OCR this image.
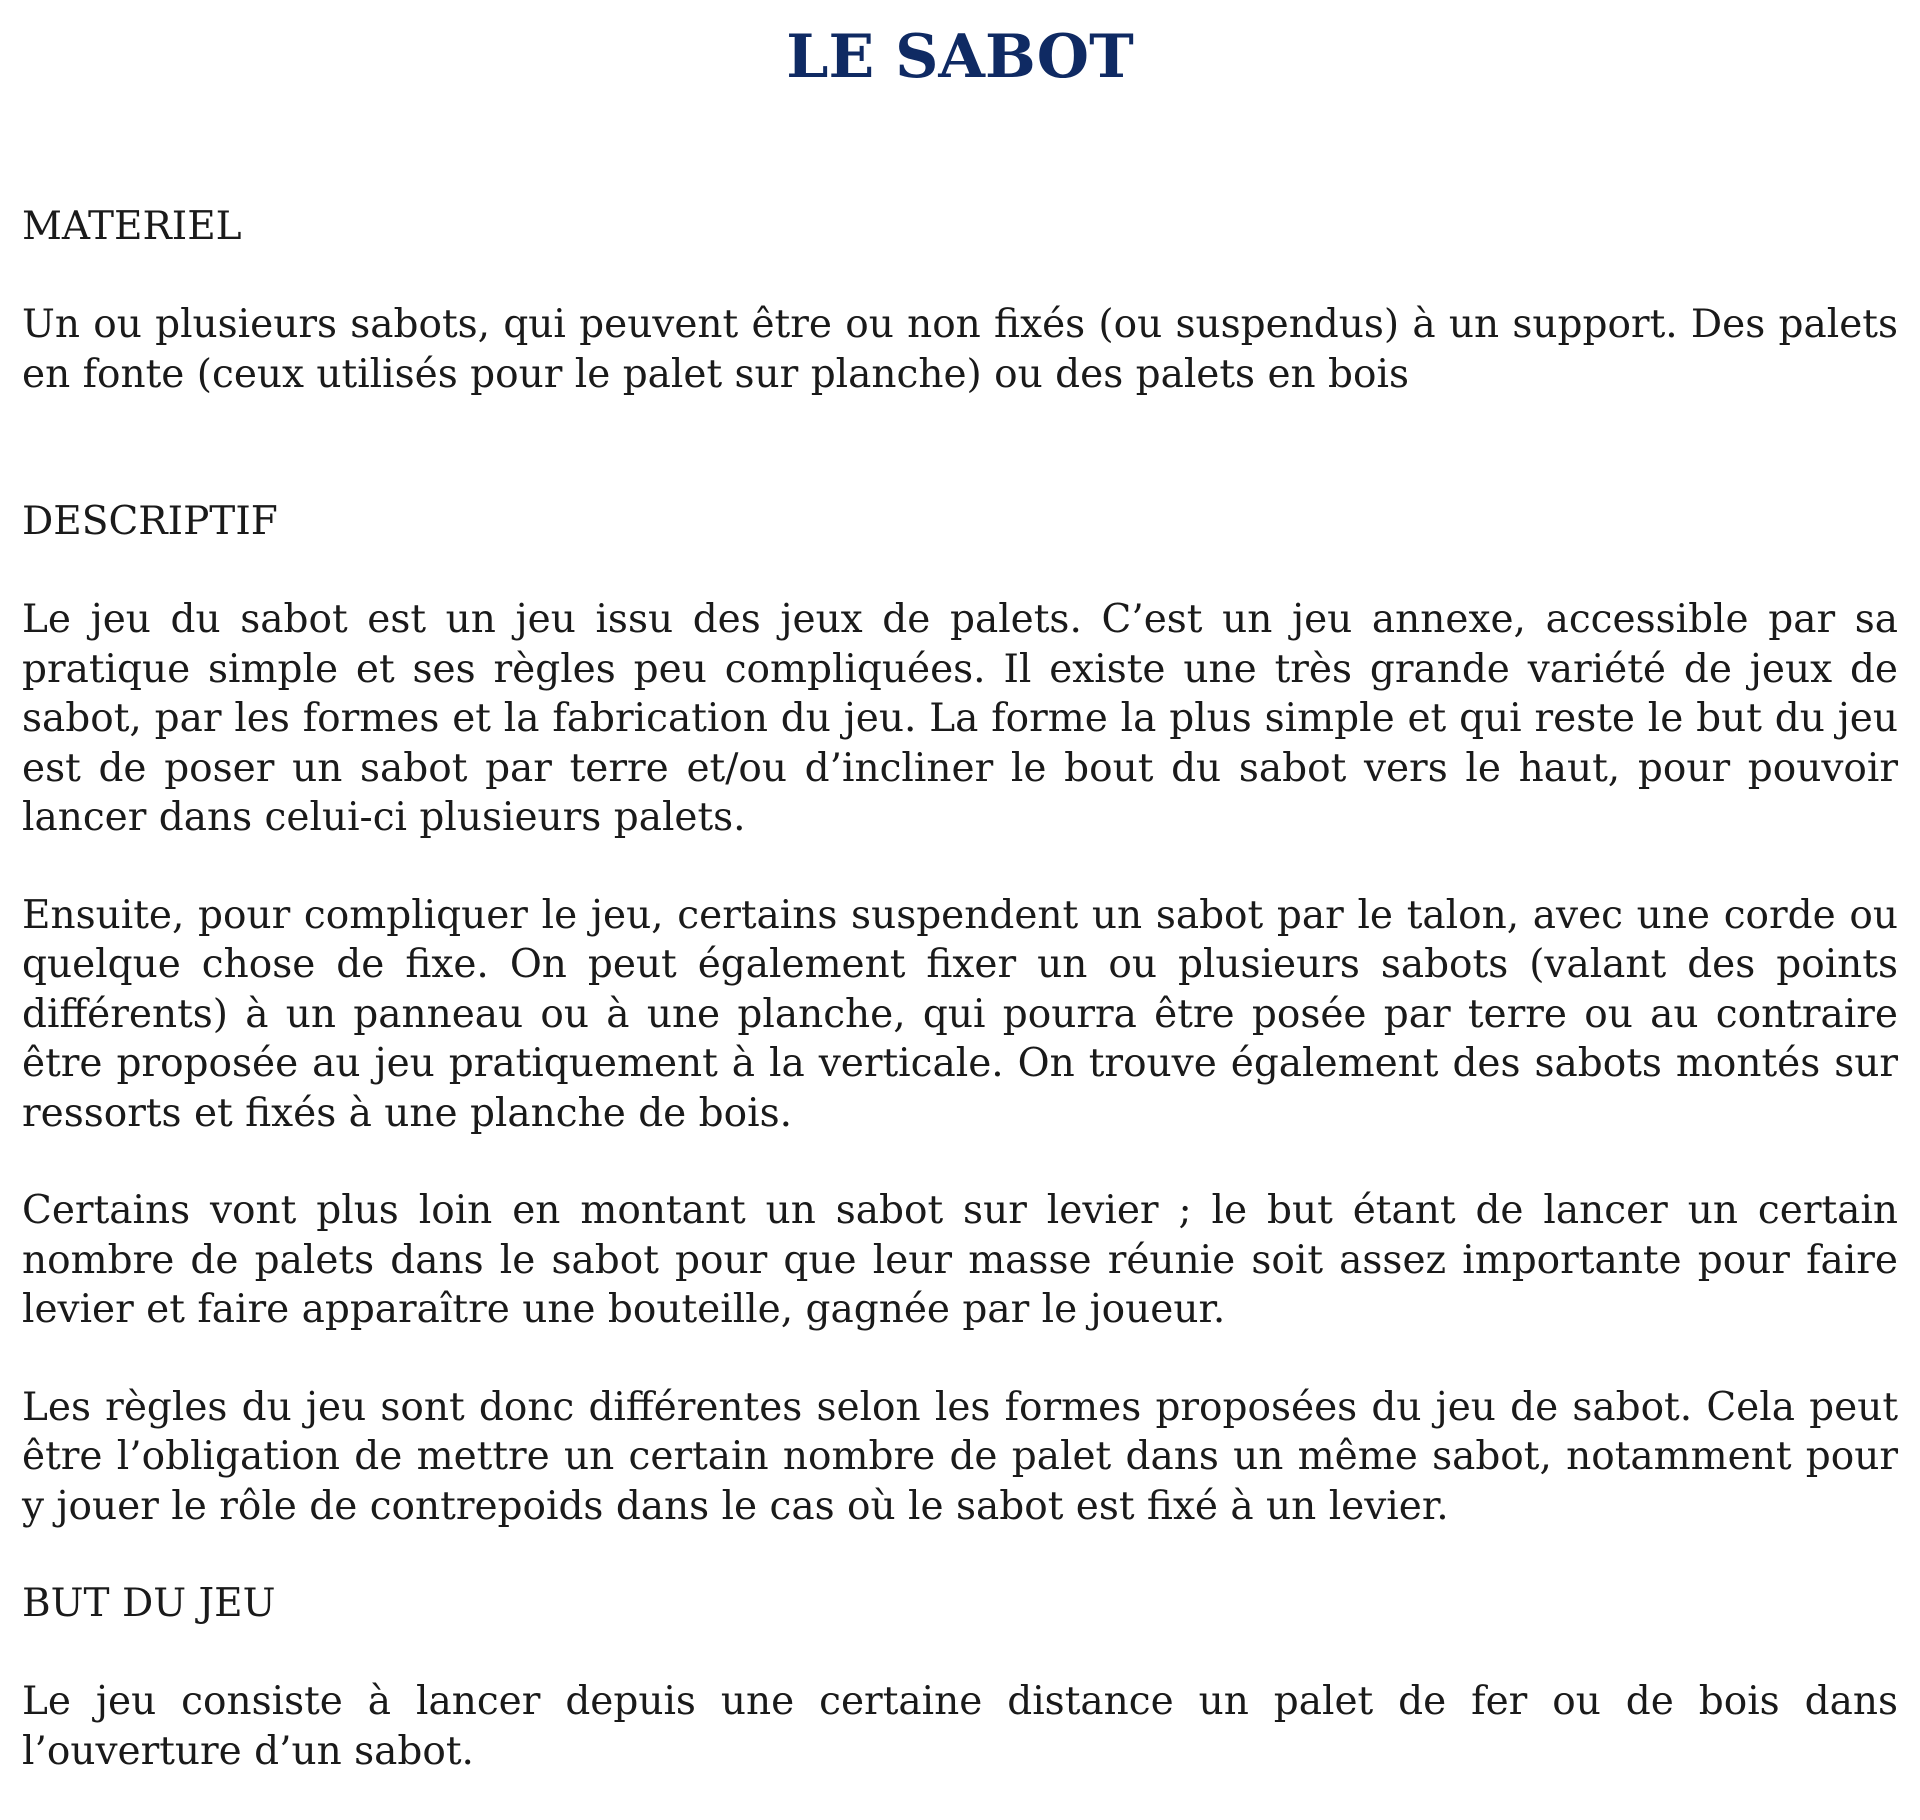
LE SABOT
MATERIEL

Un ou plusieurs sabots, qui peuvent être ou non fixés (ou suspendus) à un support. Des palets en fonte (ceux utilisés pour le palet sur planche) ou des palets en bois

DESCRIPTIF

Le jeu du sabot est un jeu issu des jeux de palets. C’est un jeu annexe, accessible par sa pratique simple et ses règles peu compliquées. Il existe une très grande variété de jeux de sabot, par les formes et la fabrication du jeu. La forme la plus simple et qui reste le but du jeu est de poser un sabot par terre et/ou d’incliner le bout du sabot vers le haut, pour pouvoir lancer dans celui-ci plusieurs palets.

Ensuite, pour compliquer le jeu, certains suspendent un sabot par le talon, avec une corde ou quelque chose de fixe. On peut également fixer un ou plusieurs sabots (valant des points différents) à un panneau ou à une planche, qui pourra être posée par terre ou au contraire être proposée au jeu pratiquement à la verticale. On trouve également des sabots montés sur ressorts et fixés à une planche de bois.

Certains vont plus loin en montant un sabot sur levier ; le but étant de lancer un certain nombre de palets dans le sabot pour que leur masse réunie soit assez importante pour faire levier et faire apparaître une bouteille, gagnée par le joueur.

Les règles du jeu sont donc différentes selon les formes proposées du jeu de sabot. Cela peut être l’obligation de mettre un certain nombre de palet dans un même sabot, notamment pour y jouer le rôle de contrepoids dans le cas où le sabot est fixé à un levier.

BUT DU JEU

Le jeu consiste à lancer depuis une certaine distance un palet de fer ou de bois dans l’ouverture d’un sabot.
